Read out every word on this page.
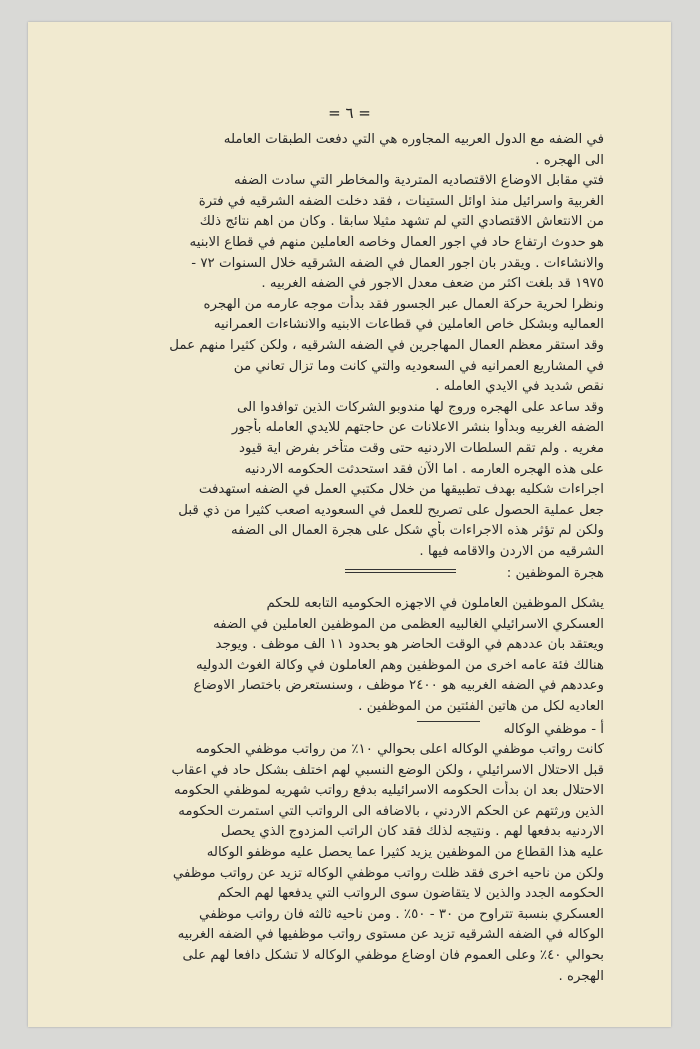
= ٦ =

في الضفه مع الدول العربيه المجاوره هي التي دفعت الطبقات العامله
الى الهجره .

فتي مقابل الاوضاع الاقتصاديه المتردية والمخاطر التي سادت الضفه
الغربية واسرائيل منذ اوائل الستينات ، فقد دخلت الضفه الشرقيه في فترة
من الانتعاش الاقتصادي التي لم تشهد مثيلا سابقا . وكان من اهم نتائج ذلك
هو حدوث ارتفاع حاد في اجور العمال وخاصه العاملين منهم في قطاع الابنيه
والانشاءات . ويقدر بان اجور العمال في الضفه الشرقيه خلال السنوات ٧٢ -
١٩٧٥ قد بلغت اكثر من ضعف معدل الاجور في الضفه الغربيه .

ونظرا لحرية حركة العمال عبر الجسور فقد بدأت موجه عارمه من الهجره
العماليه وبشكل خاص العاملين في قطاعات الابنيه والانشاءات العمرانيه
وقد استقر معظم العمال المهاجرين في الضفه الشرقيه ، ولكن كثيرا منهم عمل
في المشاريع العمرانيه في السعوديه والتي كانت وما تزال تعاني من
نقص شديد في الايدي العامله .

وقد ساعد على الهجره وروج لها مندوبو الشركات الذين توافدوا الى
الضفه الغربيه وبدأوا بنشر الاعلانات عن حاجتهم للايدي العامله بأجور
مغريه . ولم تقم السلطات الاردنيه حتى وقت متأخر بفرض اية قيود
على هذه الهجره العارمه . اما الآن فقد استحدثت الحكومه الاردنيه
اجراءات شكليه بهدف تطبيقها من خلال مكتبي العمل في الضفه استهدفت
جعل عملية الحصول على تصريح للعمل في السعوديه اصعب كثيرا من ذي قبل
ولكن لم تؤثر هذه الاجراءات بأي شكل على هجرة العمال الى الضفه
الشرقيه من الاردن والاقامه فيها .

هجرة الموظفين :

يشكل الموظفين العاملون في الاجهزه الحكوميه التابعه للحكم
العسكري الاسرائيلي الغالبيه العظمى من الموظفين العاملين في الضفه
ويعتقد بان عددهم في الوقت الحاضر هو بحدود ١١ الف موظف . ويوجد
هنالك فئة عامه اخرى من الموظفين وهم العاملون في وكالة الغوث الدوليه
وعددهم في الضفه الغربيه هو ٢٤٠٠ موظف ، وسنستعرض باختصار الاوضاع
العاديه لكل من هاتين الفئتين من الموظفين .

أ - موظفي الوكاله

كانت رواتب موظفي الوكاله اعلى بحوالي ١٠٪ من رواتب موظفي الحكومه
قبل الاحتلال الاسرائيلي ، ولكن الوضع النسبي لهم اختلف بشكل حاد في اعقاب
الاحتلال بعد ان بدأت الحكومه الاسرائيليه بدفع رواتب شهريه لموظفي الحكومه
الذين ورثتهم عن الحكم الاردني ، بالاضافه الى الرواتب التي استمرت الحكومه
الاردنيه بدفعها لهم . ونتيجه لذلك فقد كان الراتب المزدوج الذي يحصل
عليه هذا القطاع من الموظفين يزيد كثيرا عما يحصل عليه موظفو الوكاله
ولكن من ناحيه اخرى فقد ظلت رواتب موظفي الوكاله تزيد عن رواتب موظفي
الحكومه الجدد والذين لا يتقاضون سوى الرواتب التي يدفعها لهم الحكم
العسكري بنسبة تتراوح من ٣٠ - ٥٠٪ . ومن ناحيه ثالثه فان رواتب موظفي
الوكاله في الضفه الشرقيه تزيد عن مستوى رواتب موظفيها في الضفه الغربيه
بحوالي ٤٠٪ وعلى العموم فان اوضاع موظفي الوكاله لا تشكل دافعا لهم على
الهجره .
